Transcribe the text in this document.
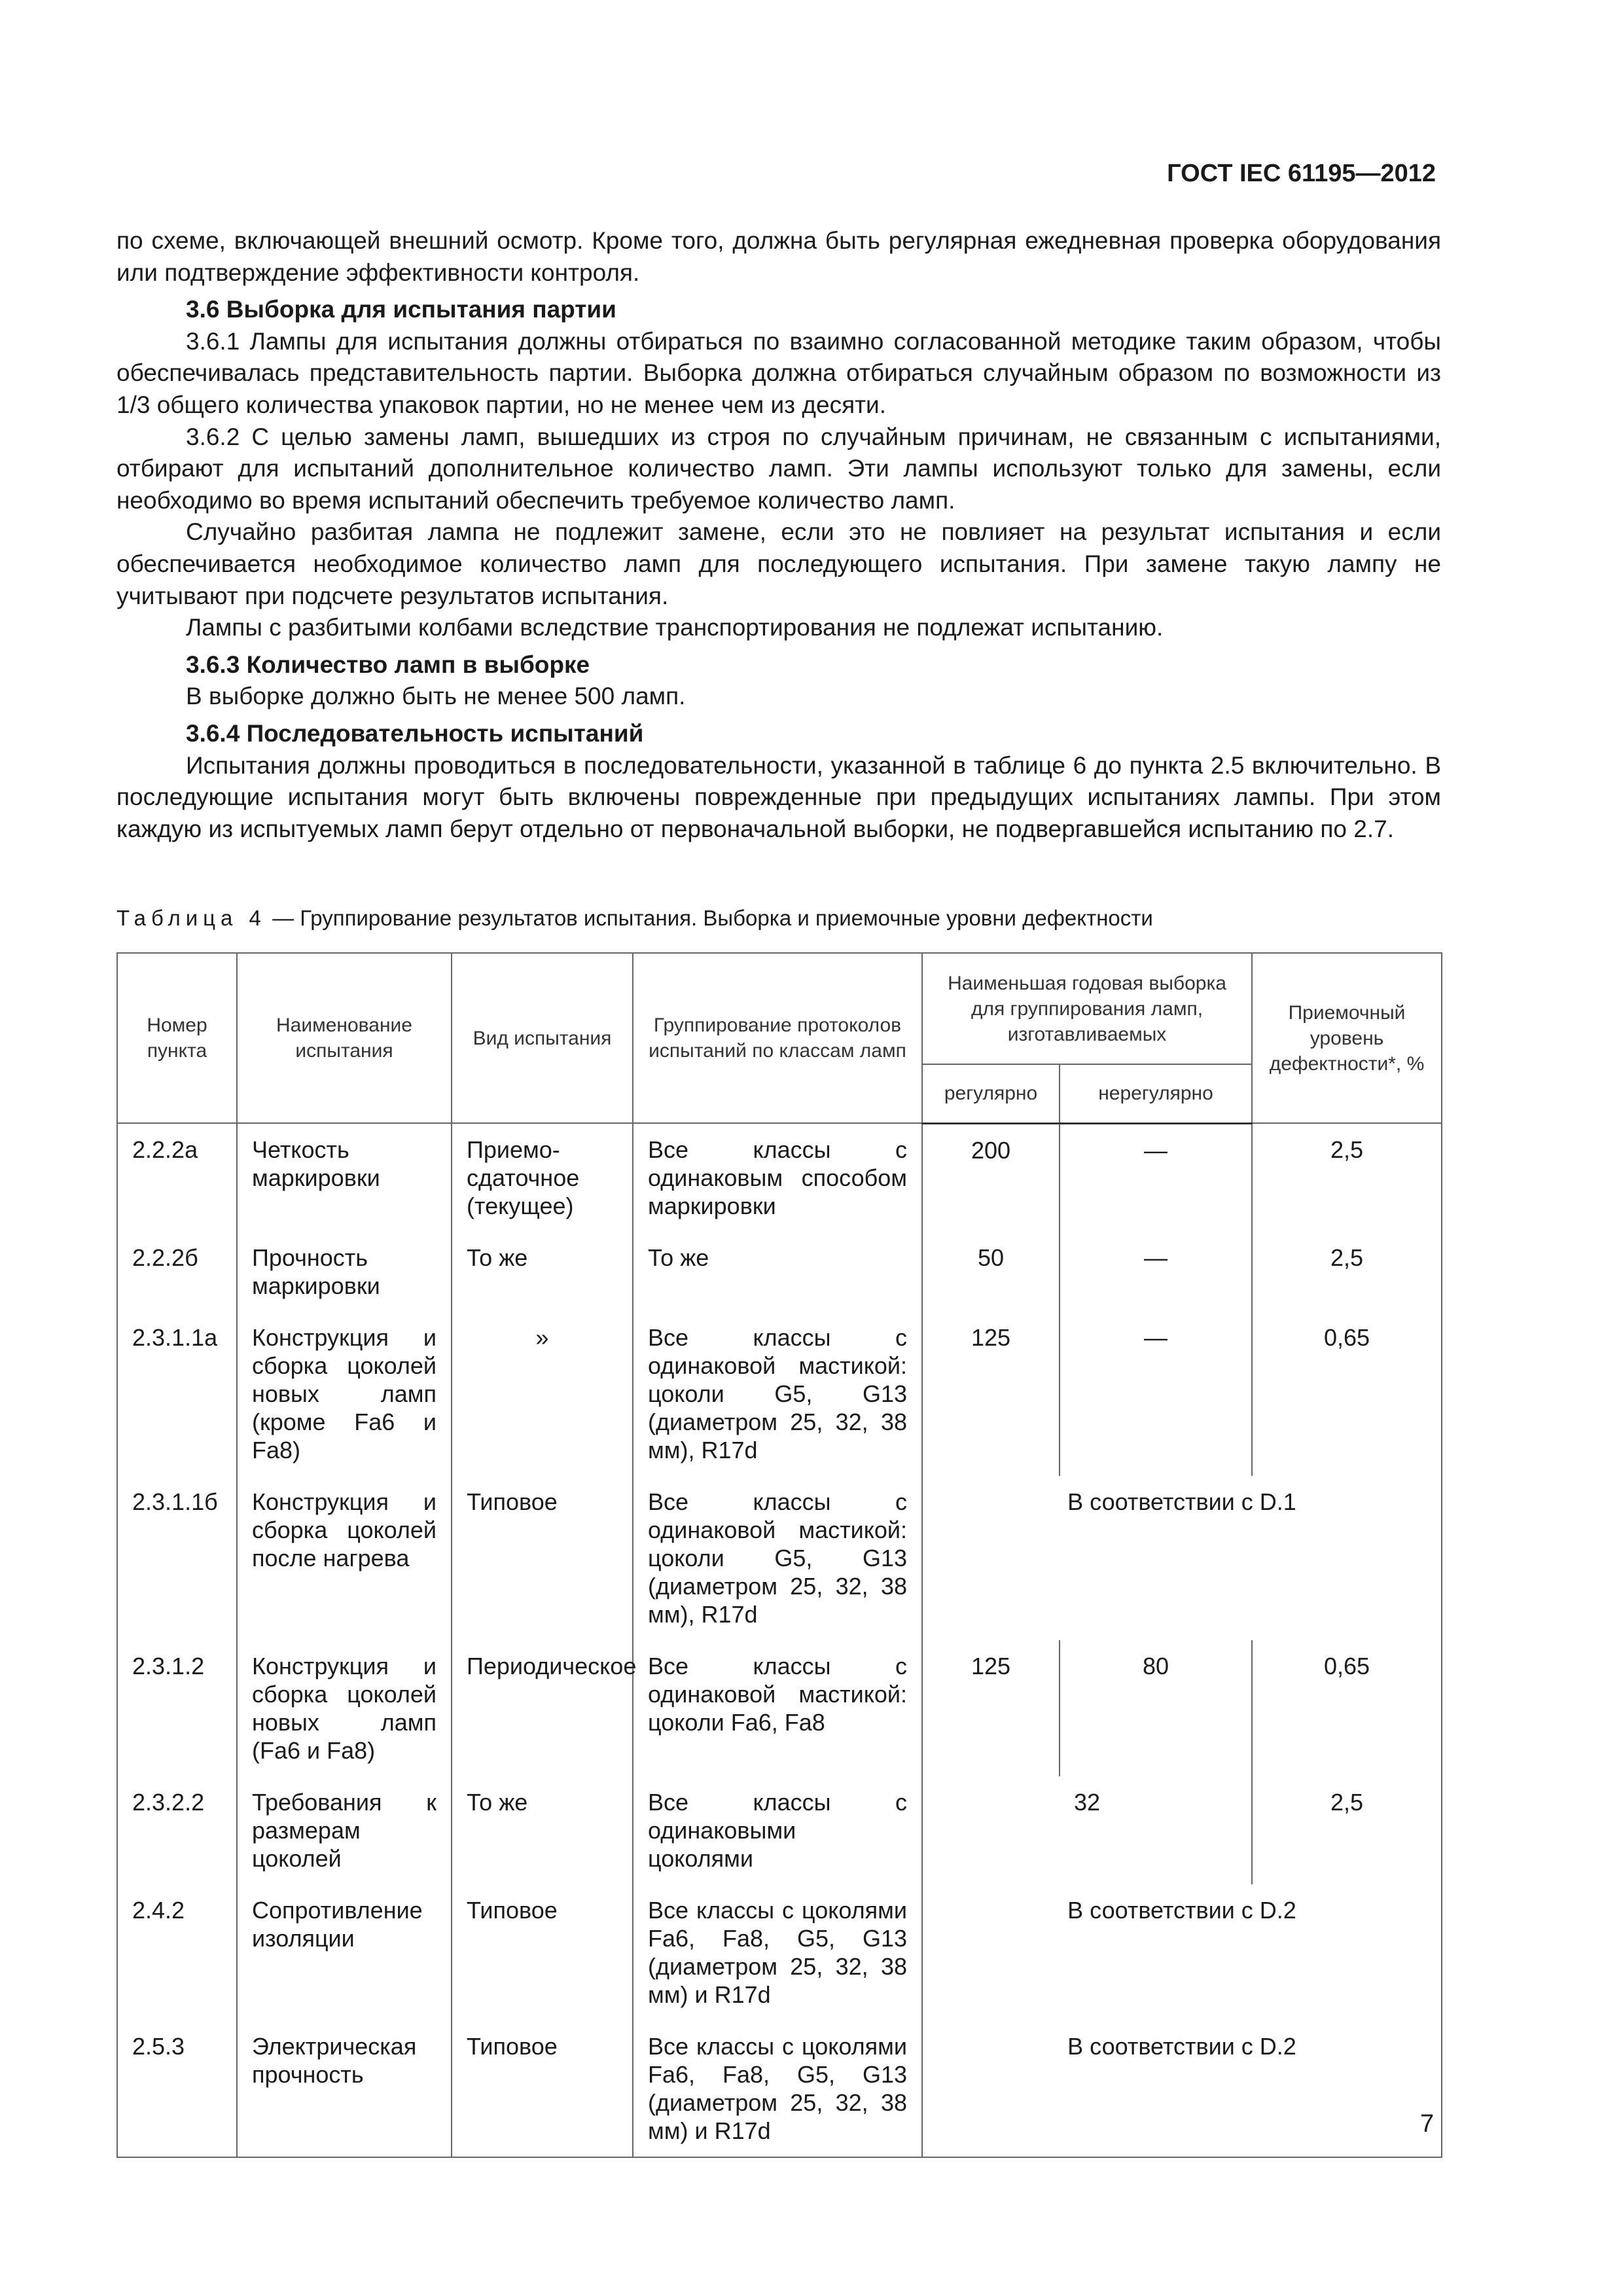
ГОСТ IEC 61195—2012

по схеме, включающей внешний осмотр. Кроме того, должна быть регулярная ежедневная проверка оборудования или подтверждение эффективности контроля.

3.6 Выборка для испытания партии

3.6.1 Лампы для испытания должны отбираться по взаимно согласованной методике таким образом, чтобы обеспечивалась представительность партии. Выборка должна отбираться случайным образом по возможности из 1/3 общего количества упаковок партии, но не менее чем из десяти.

3.6.2 С целью замены ламп, вышедших из строя по случайным причинам, не связанным с испытаниями, отбирают для испытаний дополнительное количество ламп. Эти лампы используют только для замены, если необходимо во время испытаний обеспечить требуемое количество ламп.

Случайно разбитая лампа не подлежит замене, если это не повлияет на результат испытания и если обеспечивается необходимое количество ламп для последующего испытания. При замене такую лампу не учитывают при подсчете результатов испытания.

Лампы с разбитыми колбами вследствие транспортирования не подлежат испытанию.

3.6.3 Количество ламп в выборке

В выборке должно быть не менее 500 ламп.

3.6.4 Последовательность испытаний

Испытания должны проводиться в последовательности, указанной в таблице 6 до пункта 2.5 включительно. В последующие испытания могут быть включены поврежденные при предыдущих испытаниях лампы. При этом каждую из испытуемых ламп берут отдельно от первоначальной выборки, не подвергавшейся испытанию по 2.7.

Таблица 4 — Группирование результатов испытания. Выборка и приемочные уровни дефектности
Номер пункта	Наименование испытания	Вид испытания	Группирование протоколов испытаний по классам ламп	Наименьшая годовая выборка для группирования ламп, изготавливаемых		Приемочный уровень дефектности*, %
				регулярно	нерегулярно	
2.2.2а	Четкость маркировки	Приемо-сдаточное (текущее)	Все классы с одинаковым способом маркировки	200	—	2,5
2.2.2б	Прочность маркировки	То же	То же	50	—	2,5
2.3.1.1а	Конструкция и сборка цоколей новых ламп (кроме Fa6 и Fa8)	»	Все классы с одинаковой мастикой: цоколи G5, G13 (диаметром 25, 32, 38 мм), R17d	125	—	0,65
2.3.1.1б	Конструкция и сборка цоколей после нагрева	Типовое	Все классы с одинаковой мастикой: цоколи G5, G13 (диаметром 25, 32, 38 мм), R17d	В соответствии с D.1		
2.3.1.2	Конструкция и сборка цоколей новых ламп (Fa6 и Fa8)	Периодическое	Все классы с одинаковой мастикой: цоколи Fa6, Fa8	125	80	0,65
2.3.2.2	Требования к размерам цоколей	То же	Все классы с одинаковыми цоколями	32		2,5
2.4.2	Сопротивление изоляции	Типовое	Все классы с цоколями Fa6, Fa8, G5, G13 (диаметром 25, 32, 38 мм) и R17d	В соответствии с D.2		
2.5.3	Электрическая прочность	Типовое	Все классы с цоколями Fa6, Fa8, G5, G13 (диаметром 25, 32, 38 мм) и R17d	В соответствии с D.2		
7
